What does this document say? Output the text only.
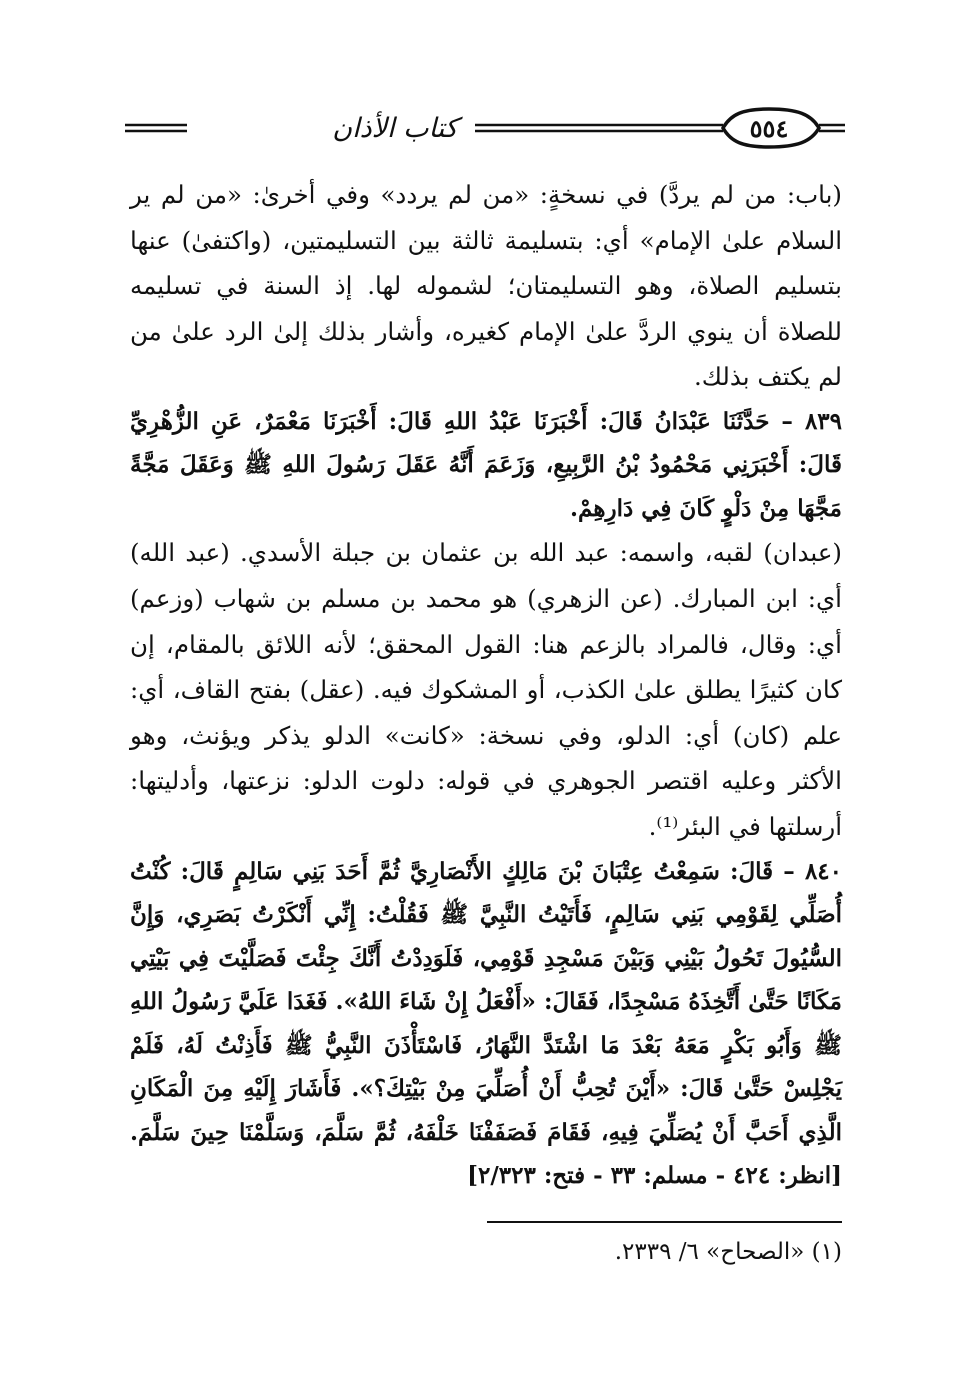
كتاب الأذان	٥٥٤

(باب: من لم يردَّ) في نسخةٍ: «من لم يردد» وفي أخرىٰ: «من لم ير السلام علىٰ الإمام» أي: بتسليمة ثالثة بين التسليمتين، (واكتفىٰ) عنها بتسليم الصلاة، وهو التسليمتان؛ لشموله لها. إذ السنة في تسليمه للصلاة أن ينوي الردَّ علىٰ الإمام كغيره، وأشار بذلك إلىٰ الرد علىٰ من لم يكتف بذلك.

٨٣٩ – حَدَّثَنَا عَبْدَانُ قَالَ: أَخْبَرَنَا عَبْدُ اللهِ قَالَ: أَخْبَرَنَا مَعْمَرٌ، عَنِ الزُّهْرِيِّ قَالَ: أَخْبَرَنِي مَحْمُودُ بْنُ الرَّبِيعِ، وَزَعَمَ أَنَّهُ عَقَلَ رَسُولَ اللهِ ﷺ وَعَقَلَ مَجَّةً مَجَّهَا مِنْ دَلْوٍ كَانَ فِي دَارِهِمْ.

(عبدان) لقبه، واسمه: عبد الله بن عثمان بن جبلة الأسدي. (عبد الله) أي: ابن المبارك. (عن الزهري) هو محمد بن مسلم بن شهاب (وزعم) أي: وقال، فالمراد بالزعم هنا: القول المحقق؛ لأنه اللائق بالمقام، إن كان كثيرًا يطلق علىٰ الكذب، أو المشكوك فيه. (عقل) بفتح القاف، أي: علم (كان) أي: الدلو، وفي نسخة: «كانت» الدلو يذكر ويؤنث، وهو الأكثر وعليه اقتصر الجوهري في قوله: دلوت الدلو: نزعتها، وأدليتها: أرسلتها في البئر⁽¹⁾.

٨٤٠ – قَالَ: سَمِعْتُ عِتْبَانَ بْنَ مَالِكٍ الأَنْصَارِيَّ ثُمَّ أَحَدَ بَنِي سَالِمٍ قَالَ: كُنْتُ أُصَلِّي لِقَوْمِي بَنِي سَالِمٍ، فَأَتَيْتُ النَّبِيَّ ﷺ فَقُلْتُ: إِنِّي أَنْكَرْتُ بَصَرِي، وَإِنَّ السُّيُولَ تَحُولُ بَيْنِي وَبَيْنَ مَسْجِدِ قَوْمِي، فَلَوَدِدْتُ أَنَّكَ جِئْتَ فَصَلَّيْتَ فِي بَيْتِي مَكَانًا حَتَّىٰ أَتَّخِذَهُ مَسْجِدًا، فَقَالَ: «أَفْعَلُ إِنْ شَاءَ اللهُ». فَغَدَا عَلَيَّ رَسُولُ اللهِ ﷺ وَأَبُو بَكْرٍ مَعَهُ بَعْدَ مَا اشْتَدَّ النَّهَارُ، فَاسْتَأْذَنَ النَّبِيُّ ﷺ فَأَذِنْتُ لَهُ، فَلَمْ يَجْلِسْ حَتَّىٰ قَالَ: «أَيْنَ تُحِبُّ أَنْ أُصَلِّيَ مِنْ بَيْتِكَ؟». فَأَشَارَ إِلَيْهِ مِنَ الْمَكَانِ الَّذِي أَحَبَّ أَنْ يُصَلِّيَ فِيهِ، فَقَامَ فَصَفَفْنَا خَلْفَهُ، ثُمَّ سَلَّمَ، وَسَلَّمْنَا حِينَ سَلَّمَ. [انظر: ٤٢٤ - مسلم: ٣٣ - فتح: ٢/٣٢٣]

(١) «الصحاح» ٦/ ٢٣٣٩.
